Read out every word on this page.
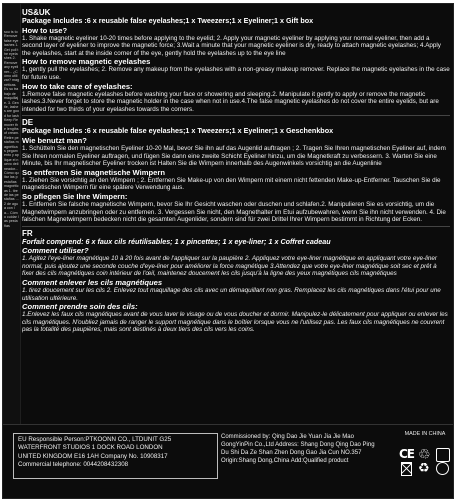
sou ts to Remove false eyelashes 1. Get pull the eyelashes 2. Remove any eyeliner... ¿Cómo utilizar? magnéticas. Es su trabajo de maquillaje. 3. Gentle, lashes are good for lash Keep Remover the lengths of cream. Retire pestañas magnéticas pegamento y aplique el nuevo delineador... Cómo quitar las pestañas magnéticas 1. tire de las pestañas ... 2 de agua con la... Cómo cuidar las pestañas

US&UK

Package Includes :6 x reusable false eyelashes;1 x Tweezers;1 x Eyeliner;1 x Gift box

How to use?

1. Shake magnetic eyeliner 10-20 times before applying to the eyelid; 2. Apply your magnetic eyeliner by applying your normal eyeliner, then add a second layer of eyeliner to improve the magnetic force; 3.Wait a minute that your magnetic eyeliner is dry, ready to attach magnetic eyelashes; 4.Apply the eyelashes, start at the inside corner of the eye, gently hold the eyelashes up to the eye line

How to remove magnetic eyelashes

1, gently pull the eyelashes; 2. Remove any makeup from the eyelashes with a non-greasy makeup remover. Replace the magnetic eyelashes in the case for future use.

How to take care of eyelashes:

1.Remove false magnetic eyelashes before washing your face or showering and sleeping.2. Manipulate it gently to apply or remove the magnetic lashes.3.Never forget to store the magnetic holder in the case when not in use.4.The false magnetic eyelashes do not cover the entire eyelids, but are intended for two thirds of your eyelashes towards the corners.

DE

Package Includes :6 x reusable false eyelashes;1 x Tweezers;1 x Eyeliner;1 x Geschenkbox

Wie benutzt man?

1. Schütteln Sie den magnetischen Eyeliner 10-20 Mal, bevor Sie ihn auf das Augenlid auftragen ; 2. Tragen Sie Ihren magnetischen Eyeliner auf, indem Sie Ihren normalen Eyeliner auftragen, und fügen Sie dann eine zweite Schicht Eyeliner hinzu, um die Magnetkraft zu verbessern. 3. Warten Sie eine Minute, bis Ihr magnetischer Eyeliner trocken ist Halten Sie die Wimpern innerhalb des Augenwinkels vorsichtig an die Augenlinie

So entfernen Sie magnetische Wimpern

1. Ziehen Sie vorsichtig an den Wimpern ; 2. Entfernen Sie Make-up von den Wimpern mit einem nicht fettenden Make-up-Entferner. Tauschen Sie die magnetischen Wimpern für eine spätere Verwendung aus.

So pflegen Sie Ihre Wimpern:

1. Entfernen Sie falsche magnetische Wimpern, bevor Sie Ihr Gesicht waschen oder duschen und schlafen.2. Manipulieren Sie es vorsichtig, um die Magnetwimpern anzubringen oder zu entfernen. 3. Vergessen Sie nicht, den Magnethalter im Etui aufzubewahren, wenn Sie ihn nicht verwenden. 4. Die falschen Magnetwimpern bedecken nicht die gesamten Augenlider, sondern sind für zwei Drittel Ihrer Wimpern bestimmt in Richtung der Ecken.

FR

Forfait comprend: 6 x faux cils réutilisables; 1 x pincettes; 1 x eye-liner; 1 x Coffret cadeau

Comment utiliser?

1. Agitez l'eye-liner magnétique 10 à 20 fois avant de l'appliquer sur la paupière 2. Appliquez votre eye-liner magnétique en appliquant votre eye-liner normal, puis ajoutez une seconde couche d'eye-liner pour améliorer la force magnétique 3.Attendez que votre eye-liner magnétique soit sec et prêt à fixer des cils magnétiques coin intérieur de l'œil, maintenez doucement les cils jusqu'à la ligne des yeux magnétiques cils magnétiques

Comment enlever les cils magnétiques

1. tirez doucement sur les cils 2. Enlevez tout maquillage des cils avec un démaquillant non gras. Remplacez les cils magnétiques dans l'étui pour une utilisation ultérieure.

Comment prendre soin des cils:

1.Enlevez les faux cils magnétiques avant de vous laver le visage ou de vous doucher et dormir. Manipulez-le délicatement pour appliquer ou enlever les cils magnétiques. N'oubliez jamais de ranger le support magnétique dans le boîtier lorsque vous ne l'utilisez pas. Les faux cils magnétiques ne couvrent pas la totalité des paupières, mais sont destinés à deux tiers des cils vers les coins.

EU Responsible Person:PTKOONN CO., LTDUNIT G25
WATERFRONT STUDIOS 1 DOCK ROAD LONDON
UNITED KINGDOM E16 1AH Company No. 10908317
Commercial telephone: 0044208432308
Commissioned by: Qing Dao Jie Yuan Jia Jie Mao
GongYinPin Co.,Ltd Address: Shang Dong Qing Dao Ping
Du Shi Da Ze Shan Zhen Dong Gao Jia Cun NO.357
Origin:Shang Dong,China Add:Qualified product
MADE IN CHINA
CE ♲
♻
